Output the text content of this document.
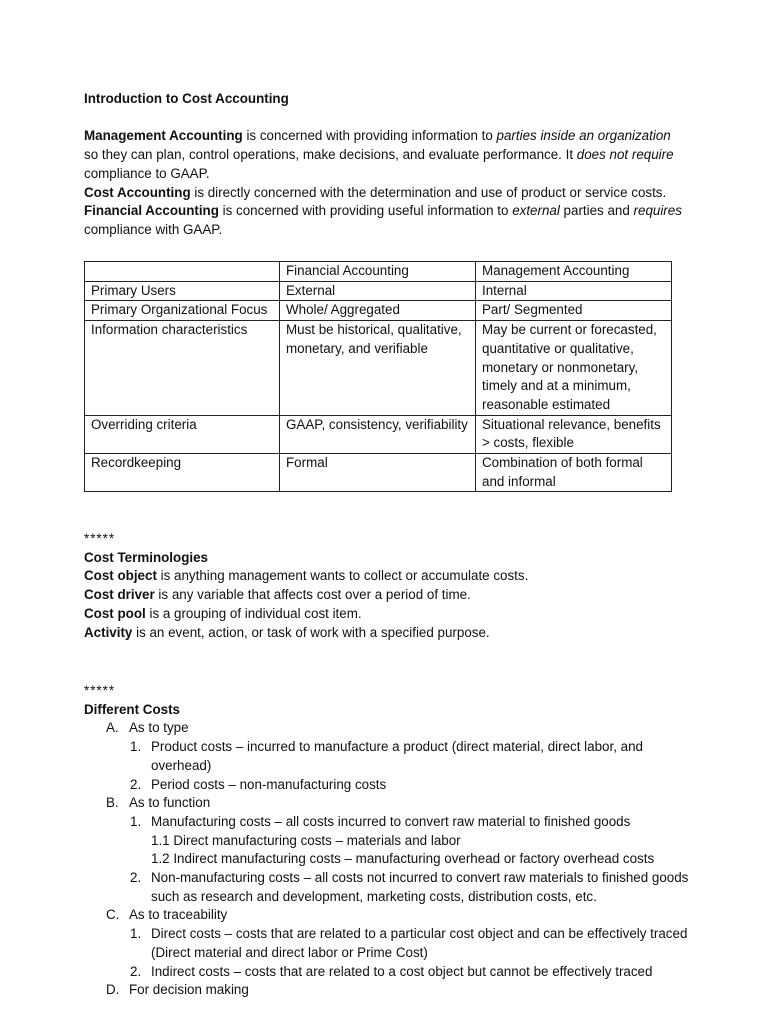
Introduction to Cost Accounting
Management Accounting is concerned with providing information to parties inside an organization so they can plan, control operations, make decisions, and evaluate performance. It does not require compliance to GAAP.
Cost Accounting is directly concerned with the determination and use of product or service costs.
Financial Accounting is concerned with providing useful information to external parties and requires compliance with GAAP.
	Financial Accounting	Management Accounting
Primary Users	External	Internal
Primary Organizational Focus	Whole/ Aggregated	Part/ Segmented
Information characteristics	Must be historical, qualitative, monetary, and verifiable	May be current or forecasted, quantitative or qualitative, monetary or nonmonetary, timely and at a minimum, reasonable estimated
Overriding criteria	GAAP, consistency, verifiability	Situational relevance, benefits > costs, flexible
Recordkeeping	Formal	Combination of both formal and informal
*****
Cost Terminologies
Cost object is anything management wants to collect or accumulate costs.
Cost driver is any variable that affects cost over a period of time.
Cost pool is a grouping of individual cost item.
Activity is an event, action, or task of work with a specified purpose.
*****
Different Costs
A. As to type
1. Product costs – incurred to manufacture a product (direct material, direct labor, and overhead)
2. Period costs – non-manufacturing costs
B. As to function
1. Manufacturing costs – all costs incurred to convert raw material to finished goods
1.1 Direct manufacturing costs – materials and labor
1.2 Indirect manufacturing costs – manufacturing overhead or factory overhead costs
2. Non-manufacturing costs – all costs not incurred to convert raw materials to finished goods such as research and development, marketing costs, distribution costs, etc.
C. As to traceability
1. Direct costs – costs that are related to a particular cost object and can be effectively traced (Direct material and direct labor or Prime Cost)
2. Indirect costs – costs that are related to a cost object but cannot be effectively traced
D. For decision making
